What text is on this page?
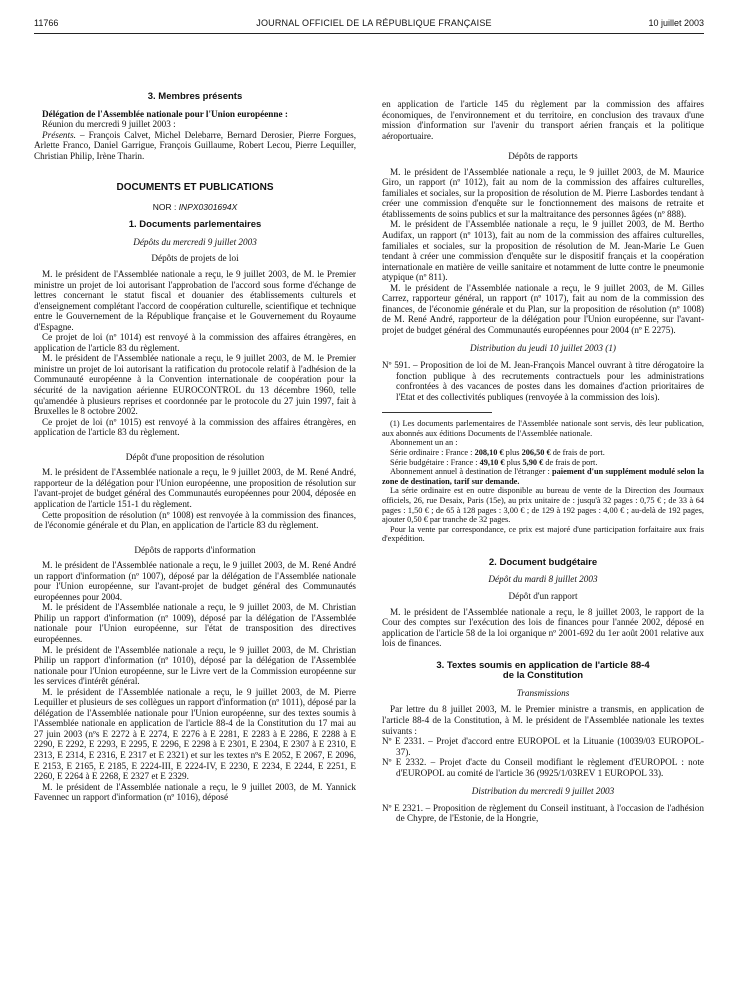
11766	JOURNAL OFFICIEL DE LA RÉPUBLIQUE FRANÇAISE	10 juillet 2003
3. Membres présents

Délégation de l'Assemblée nationale pour l'Union européenne :

Réunion du mercredi 9 juillet 2003 :

Présents. – François Calvet, Michel Delebarre, Bernard Derosier, Pierre Forgues, Arlette Franco, Daniel Garrigue, François Guillaume, Robert Lecou, Pierre Lequiller, Christian Philip, Irène Tharin.

DOCUMENTS ET PUBLICATIONS
NOR : INPX0301694X
1. Documents parlementaires
Dépôts du mercredi 9 juillet 2003
Dépôts de projets de loi

M. le président de l'Assemblée nationale a reçu, le 9 juillet 2003, de M. le Premier ministre un projet de loi autorisant l'approbation de l'accord sous forme d'échange de lettres concernant le statut fiscal et douanier des établissements culturels et d'enseignement complétant l'accord de coopération culturelle, scientifique et technique entre le Gouvernement de la République française et le Gouvernement du Royaume d'Espagne.

Ce projet de loi (nº 1014) est renvoyé à la commission des affaires étrangères, en application de l'article 83 du règlement.

M. le président de l'Assemblée nationale a reçu, le 9 juillet 2003, de M. le Premier ministre un projet de loi autorisant la ratification du protocole relatif à l'adhésion de la Communauté européenne à la Convention internationale de coopération pour la sécurité de la navigation aérienne EUROCONTROL du 13 décembre 1960, telle qu'amendée à plusieurs reprises et coordonnée par le protocole du 27 juin 1997, fait à Bruxelles le 8 octobre 2002.

Ce projet de loi (nº 1015) est renvoyé à la commission des affaires étrangères, en application de l'article 83 du règlement.

Dépôt d'une proposition de résolution

M. le président de l'Assemblée nationale a reçu, le 9 juillet 2003, de M. René André, rapporteur de la délégation pour l'Union européenne, une proposition de résolution sur l'avant-projet de budget général des Communautés européennes pour 2004, déposée en application de l'article 151-1 du règlement.

Cette proposition de résolution (nº 1008) est renvoyée à la commission des finances, de l'économie générale et du Plan, en application de l'article 83 du règlement.

Dépôts de rapports d'information

M. le président de l'Assemblée nationale a reçu, le 9 juillet 2003, de M. René André un rapport d'information (nº 1007), déposé par la délégation de l'Assemblée nationale pour l'Union européenne, sur l'avant-projet de budget général des Communautés européennes pour 2004.

M. le président de l'Assemblée nationale a reçu, le 9 juillet 2003, de M. Christian Philip un rapport d'information (nº 1009), déposé par la délégation de l'Assemblée nationale pour l'Union européenne, sur l'état de transposition des directives européennes.

M. le président de l'Assemblée nationale a reçu, le 9 juillet 2003, de M. Christian Philip un rapport d'information (nº 1010), déposé par la délégation de l'Assemblée nationale pour l'Union européenne, sur le Livre vert de la Commission européenne sur les services d'intérêt général.

M. le président de l'Assemblée nationale a reçu, le 9 juillet 2003, de M. Pierre Lequiller et plusieurs de ses collègues un rapport d'information (nº 1011), déposé par la délégation de l'Assemblée nationale pour l'Union européenne, sur des textes soumis à l'Assemblée nationale en application de l'article 88-4 de la Constitution du 17 mai au 27 juin 2003 (nºs E 2272 à E 2274, E 2276 à E 2281, E 2283 à E 2286, E 2288 à E 2290, E 2292, E 2293, E 2295, E 2296, E 2298 à E 2301, E 2304, E 2307 à E 2310, E 2313, E 2314, E 2316, E 2317 et E 2321) et sur les textes nºs E 2052, E 2067, E 2096, E 2153, E 2165, E 2185, E 2224-III, E 2224-IV, E 2230, E 2234, E 2244, E 2251, E 2260, E 2264 à E 2268, E 2327 et E 2329.

M. le président de l'Assemblée nationale a reçu, le 9 juillet 2003, de M. Yannick Favennec un rapport d'information (nº 1016), déposé

en application de l'article 145 du règlement par la commission des affaires économiques, de l'environnement et du territoire, en conclusion des travaux d'une mission d'information sur l'avenir du transport aérien français et la politique aéroportuaire.

Dépôts de rapports

M. le président de l'Assemblée nationale a reçu, le 9 juillet 2003, de M. Maurice Giro, un rapport (nº 1012), fait au nom de la commission des affaires culturelles, familiales et sociales, sur la proposition de résolution de M. Pierre Lasbordes tendant à créer une commission d'enquête sur le fonctionnement des maisons de retraite et établissements de soins publics et sur la maltraitance des personnes âgées (nº 888).

M. le président de l'Assemblée nationale a reçu, le 9 juillet 2003, de M. Bertho Audifax, un rapport (nº 1013), fait au nom de la commission des affaires culturelles, familiales et sociales, sur la proposition de résolution de M. Jean-Marie Le Guen tendant à créer une commission d'enquête sur le dispositif français et la coopération internationale en matière de veille sanitaire et notamment de lutte contre le pneumonie atypique (nº 811).

M. le président de l'Assemblée nationale a reçu, le 9 juillet 2003, de M. Gilles Carrez, rapporteur général, un rapport (nº 1017), fait au nom de la commission des finances, de l'économie générale et du Plan, sur la proposition de résolution (nº 1008) de M. René André, rapporteur de la délégation pour l'Union européenne, sur l'avant-projet de budget général des Communautés européennes pour 2004 (nº E 2275).

Distribution du jeudi 10 juillet 2003 (1)

Nº 591. – Proposition de loi de M. Jean-François Mancel ouvrant à titre dérogatoire la fonction publique à des recrutements contractuels pour les administrations confrontées à des vacances de postes dans les domaines d'action prioritaires de l'Etat et des collectivités publiques (renvoyée à la commission des lois).

(1) Les documents parlementaires de l'Assemblée nationale sont servis, dès leur publication, aux abonnés aux éditions Documents de l'Assemblée nationale.

Abonnement un an :

Série ordinaire : France : 208,10 € plus 206,50 € de frais de port.

Série budgétaire : France : 49,10 € plus 5,90 € de frais de port.

Abonnement annuel à destination de l'étranger : paiement d'un supplément modulé selon la zone de destination, tarif sur demande.

La série ordinaire est en outre disponible au bureau de vente de la Direction des Journaux officiels, 26, rue Desaix, Paris (15e), au prix unitaire de : jusqu'à 32 pages : 0,75 € ; de 33 à 64 pages : 1,50 € ; de 65 à 128 pages : 3,00 € ; de 129 à 192 pages : 4,00 € ; au-delà de 192 pages, ajouter 0,50 € par tranche de 32 pages.

Pour la vente par correspondance, ce prix est majoré d'une participation forfaitaire aux frais d'expédition.

2. Document budgétaire
Dépôt du mardi 8 juillet 2003
Dépôt d'un rapport

M. le président de l'Assemblée nationale a reçu, le 8 juillet 2003, le rapport de la Cour des comptes sur l'exécution des lois de finances pour l'année 2002, déposé en application de l'article 58 de la loi organique nº 2001-692 du 1er août 2001 relative aux lois de finances.

3. Textes soumis en application de l'article 88-4
de la Constitution
Transmissions

Par lettre du 8 juillet 2003, M. le Premier ministre a transmis, en application de l'article 88-4 de la Constitution, à M. le président de l'Assemblée nationale les textes suivants :

Nº E 2331. – Projet d'accord entre EUROPOL et la Lituanie (10039/03 EUROPOL-37).

Nº E 2332. – Projet d'acte du Conseil modifiant le règlement d'EUROPOL : note d'EUROPOL au comité de l'article 36 (9925/1/03REV 1 EUROPOL 33).

Distribution du mercredi 9 juillet 2003

Nº E 2321. – Proposition de règlement du Conseil instituant, à l'occasion de l'adhésion de Chypre, de l'Estonie, de la Hongrie,
